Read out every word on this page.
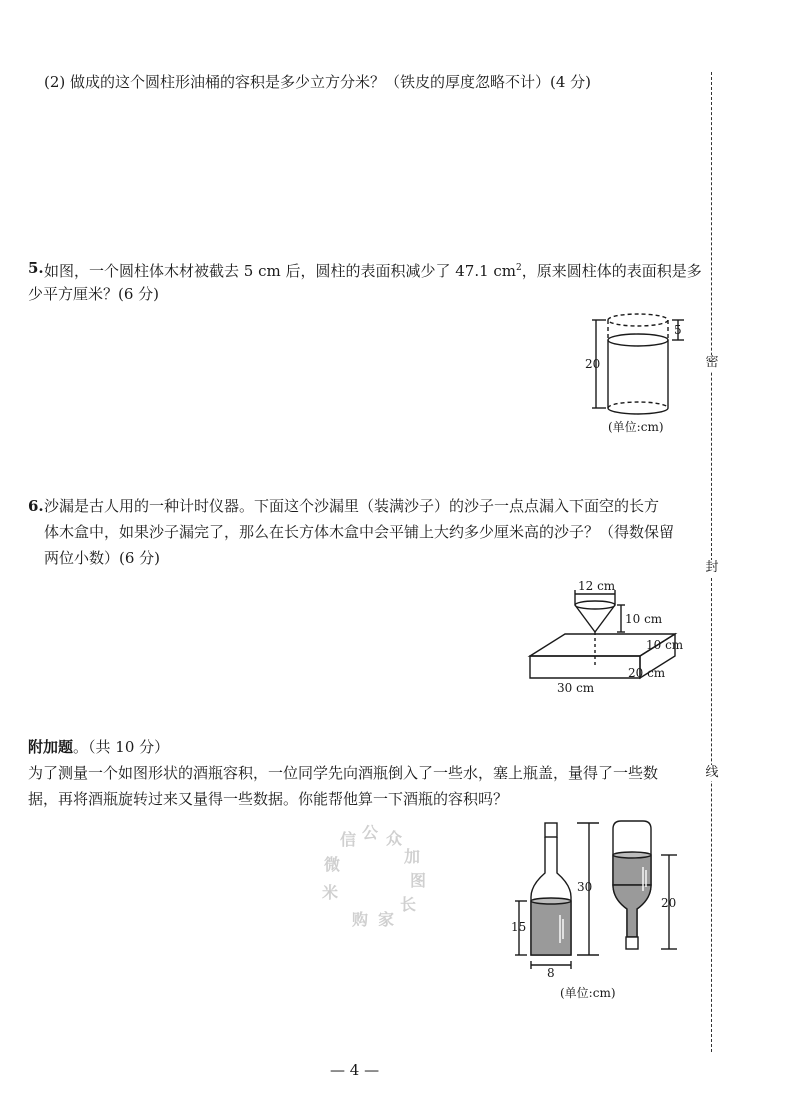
密
封
线
(2) 做成的这个圆柱形油桶的容积是多少立方分米？（铁皮的厚度忽略不计）(4 分)
5. 如图，一个圆柱体木材被截去 5 cm 后，圆柱的表面积减少了 47.1 $cm^2$，原来圆柱体的表面积是多
少平方厘米？(6 分)
20
5
(单位:cm)
6. 沙漏是古人用的一种计时仪器。下面这个沙漏里（装满沙子）的沙子一点点漏入下面空的长方
体木盒中，如果沙子漏完了，那么在长方体木盒中会平铺上大约多少厘米高的沙子？（得数保留
两位小数）(6 分)
12 cm
10 cm
10 cm
20 cm
30 cm
附加题。（共 10 分）
为了测量一个如图形状的酒瓶容积，一位同学先向酒瓶倒入了一些水，塞上瓶盖，量得了一些数
据，再将酒瓶旋转过来又量得一些数据。你能帮他算一下酒瓶的容积吗？
信 公 众
加
图
长
家
购
米
微
15
8
30
20
(单位:cm)
— 4 —
